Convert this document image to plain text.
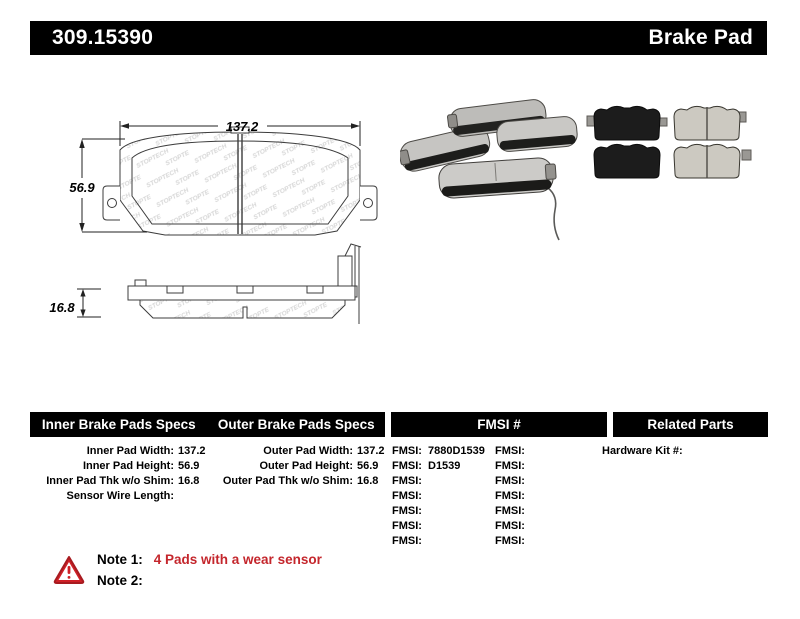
309.15390	Brake Pad
137.2
56.9
16.8
Inner Brake Pads Specs	Outer Brake Pads Specs	FMSI #	Related Parts
Inner Pad Width: 137.2
Inner Pad Height: 56.9
Inner Pad Thk w/o Shim: 16.8
Sensor Wire Length:
Outer Pad Width: 137.2
Outer Pad Height: 56.9
Outer Pad Thk w/o Shim: 16.8
FMSI: 7880D1539
FMSI: D1539
FMSI:
FMSI:
FMSI:
FMSI:
FMSI:
FMSI:
FMSI:
FMSI:
FMSI:
FMSI:
FMSI:
FMSI:
Hardware Kit #:
Note 1: 4 Pads with a wear sensor
Note 2:
